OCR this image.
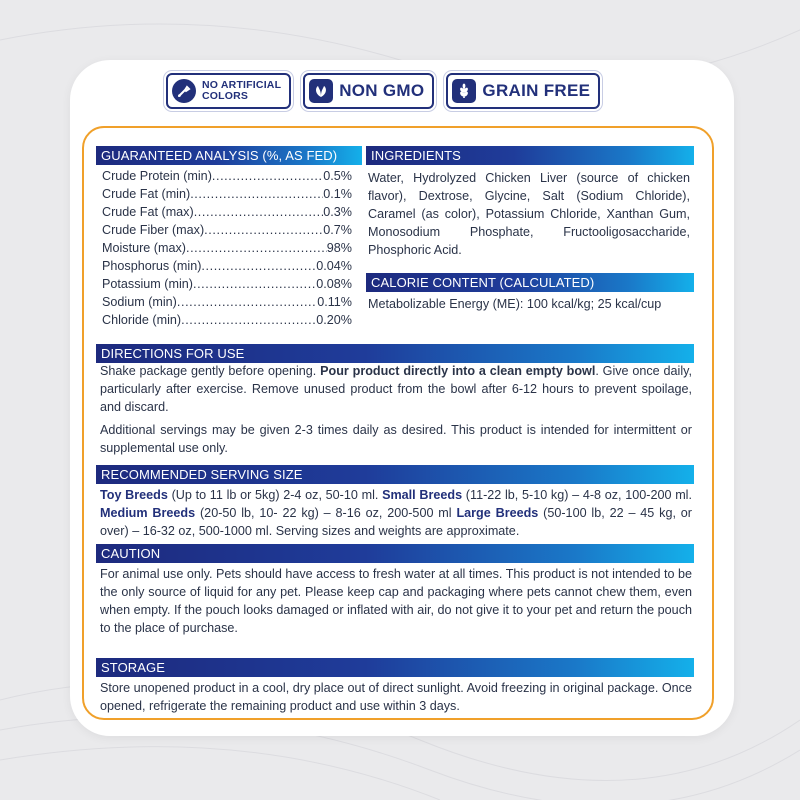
NO ARTIFICIAL
COLORS	NON GMO	GRAIN FREE
GUARANTEED ANALYSIS (%, AS FED)
Crude Protein (min) .....	0.5%
Crude Fat (min) .....	0.1%
Crude Fat (max) .....	0.3%
Crude Fiber (max) .....	0.7%
Moisture (max) .....	98%
Phosphorus (min) .....	0.04%
Potassium (min) .....	0.08%
Sodium (min) .....	0.11%
Chloride (min) .....	0.20%
INGREDIENTS
Water, Hydrolyzed Chicken Liver (source of chicken flavor), Dextrose, Glycine, Salt (Sodium Chloride), Caramel (as color), Potassium Chloride, Xanthan Gum, Monosodium Phosphate, Fructooligosaccharide, Phosphoric Acid.
CALORIE CONTENT (CALCULATED)
Metabolizable Energy (ME): 100 kcal/kg; 25 kcal/cup
DIRECTIONS FOR USE
Shake package gently before opening. Pour product directly into a clean empty bowl. Give once daily, particularly after exercise. Remove unused product from the bowl after 6-12 hours to prevent spoilage, and discard.
Additional servings may be given 2-3 times daily as desired. This product is intended for intermittent or supplemental use only.
RECOMMENDED SERVING SIZE
Toy Breeds (Up to 11 lb or 5kg) 2-4 oz, 50-10 ml. Small Breeds (11-22 lb, 5-10 kg) – 4-8 oz, 100-200 ml. Medium Breeds (20-50 lb, 10- 22 kg) – 8-16 oz, 200-500 ml Large Breeds (50-100 lb, 22 – 45 kg, or over) – 16-32 oz, 500-1000 ml. Serving sizes and weights are approximate.
CAUTION
For animal use only. Pets should have access to fresh water at all times. This product is not intended to be the only source of liquid for any pet. Please keep cap and packaging where pets cannot chew them, even when empty. If the pouch looks damaged or inflated with air, do not give it to your pet and return the pouch to the place of purchase.
STORAGE
Store unopened product in a cool, dry place out of direct sunlight. Avoid freezing in original package. Once opened, refrigerate the remaining product and use within 3 days.
